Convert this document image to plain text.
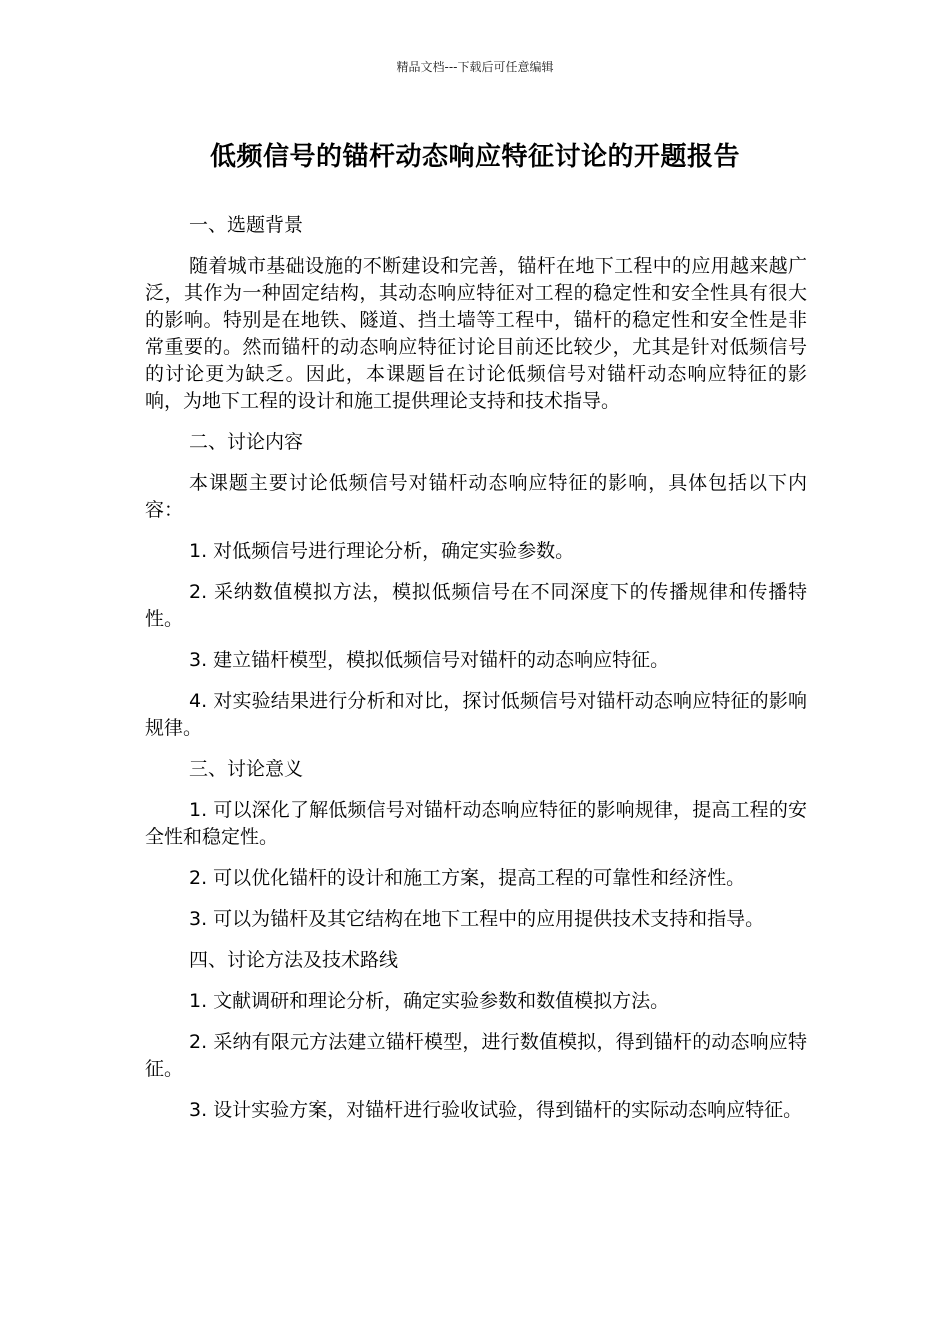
精品文档---下载后可任意编辑
低频信号的锚杆动态响应特征讨论的开题报告

一、选题背景

随着城市基础设施的不断建设和完善，锚杆在地下工程中的应用越来越广泛，其作为一种固定结构，其动态响应特征对工程的稳定性和安全性具有很大的影响。特别是在地铁、隧道、挡土墙等工程中，锚杆的稳定性和安全性是非常重要的。然而锚杆的动态响应特征讨论目前还比较少，尤其是针对低频信号的讨论更为缺乏。因此，本课题旨在讨论低频信号对锚杆动态响应特征的影响，为地下工程的设计和施工提供理论支持和技术指导。

二、讨论内容

本课题主要讨论低频信号对锚杆动态响应特征的影响，具体包括以下内容：

1. 对低频信号进行理论分析，确定实验参数。

2. 采纳数值模拟方法，模拟低频信号在不同深度下的传播规律和传播特性。

3. 建立锚杆模型，模拟低频信号对锚杆的动态响应特征。

4. 对实验结果进行分析和对比，探讨低频信号对锚杆动态响应特征的影响规律。

三、讨论意义

1. 可以深化了解低频信号对锚杆动态响应特征的影响规律，提高工程的安全性和稳定性。

2. 可以优化锚杆的设计和施工方案，提高工程的可靠性和经济性。

3. 可以为锚杆及其它结构在地下工程中的应用提供技术支持和指导。

四、讨论方法及技术路线

1. 文献调研和理论分析，确定实验参数和数值模拟方法。

2. 采纳有限元方法建立锚杆模型，进行数值模拟，得到锚杆的动态响应特征。

3. 设计实验方案，对锚杆进行验收试验，得到锚杆的实际动态响应特征。
